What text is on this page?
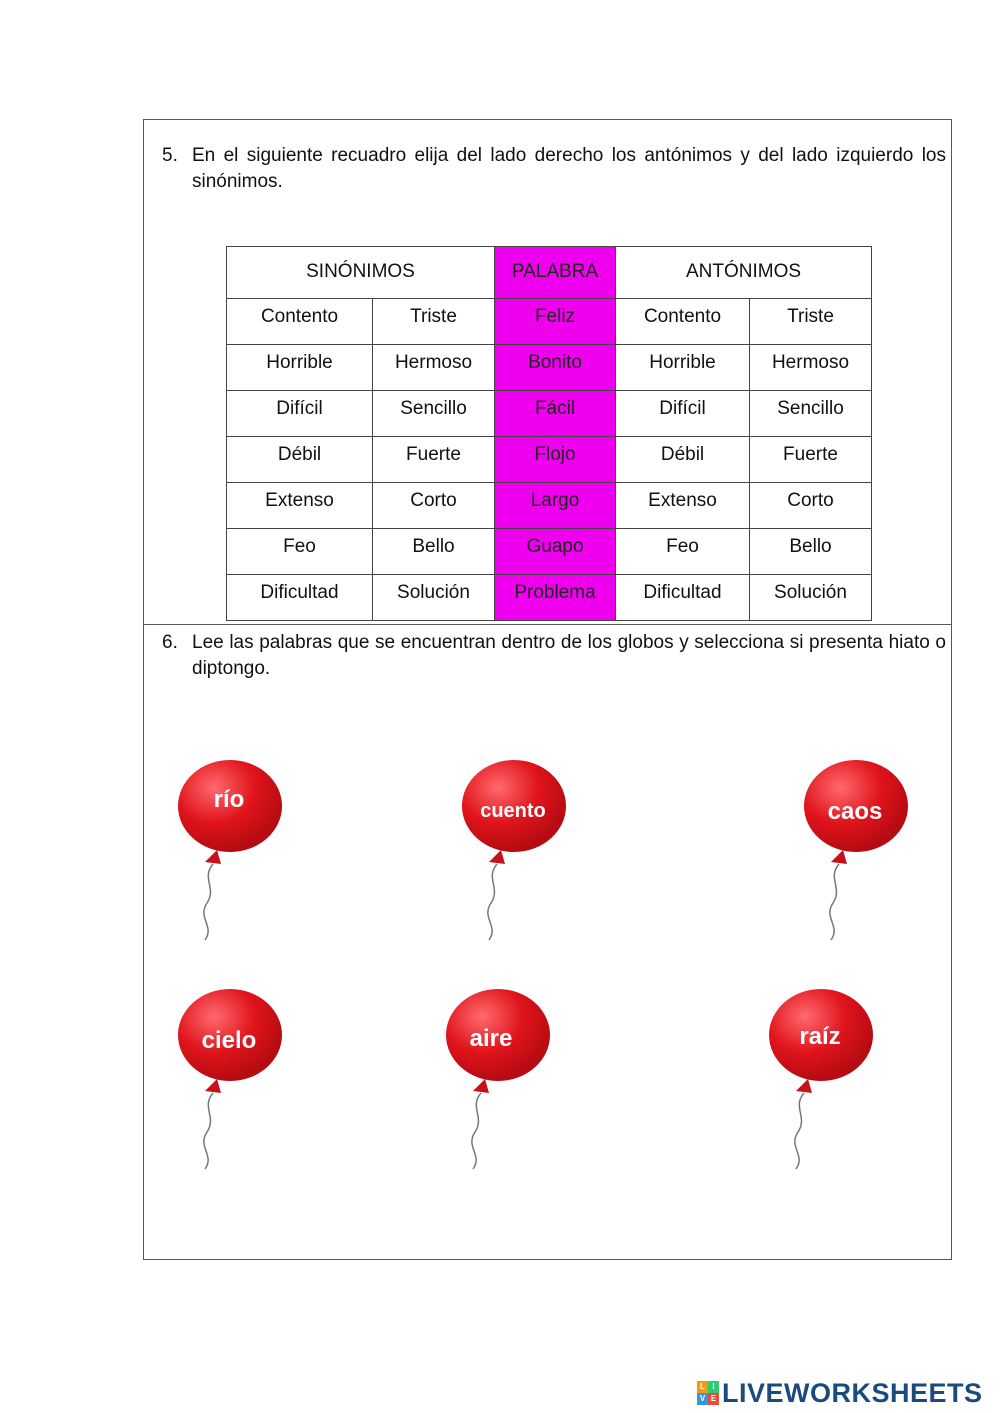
5. En el siguiente recuadro elija del lado derecho los antónimos y del lado izquierdo los sinónimos.
SINÓNIMOS		PALABRA	ANTÓNIMOS	
Contento	Triste	Feliz	Contento	Triste
Horrible	Hermoso	Bonito	Horrible	Hermoso
Difícil	Sencillo	Fácil	Difícil	Sencillo
Débil	Fuerte	Flojo	Débil	Fuerte
Extenso	Corto	Largo	Extenso	Corto
Feo	Bello	Guapo	Feo	Bello
Dificultad	Solución	Problema	Dificultad	Solución
6. Lee las palabras que se encuentran dentro de los globos y selecciona si presenta hiato o diptongo.
río	cuento	caos
cielo	aire	raíz
L I
V E LIVEWORKSHEETS
